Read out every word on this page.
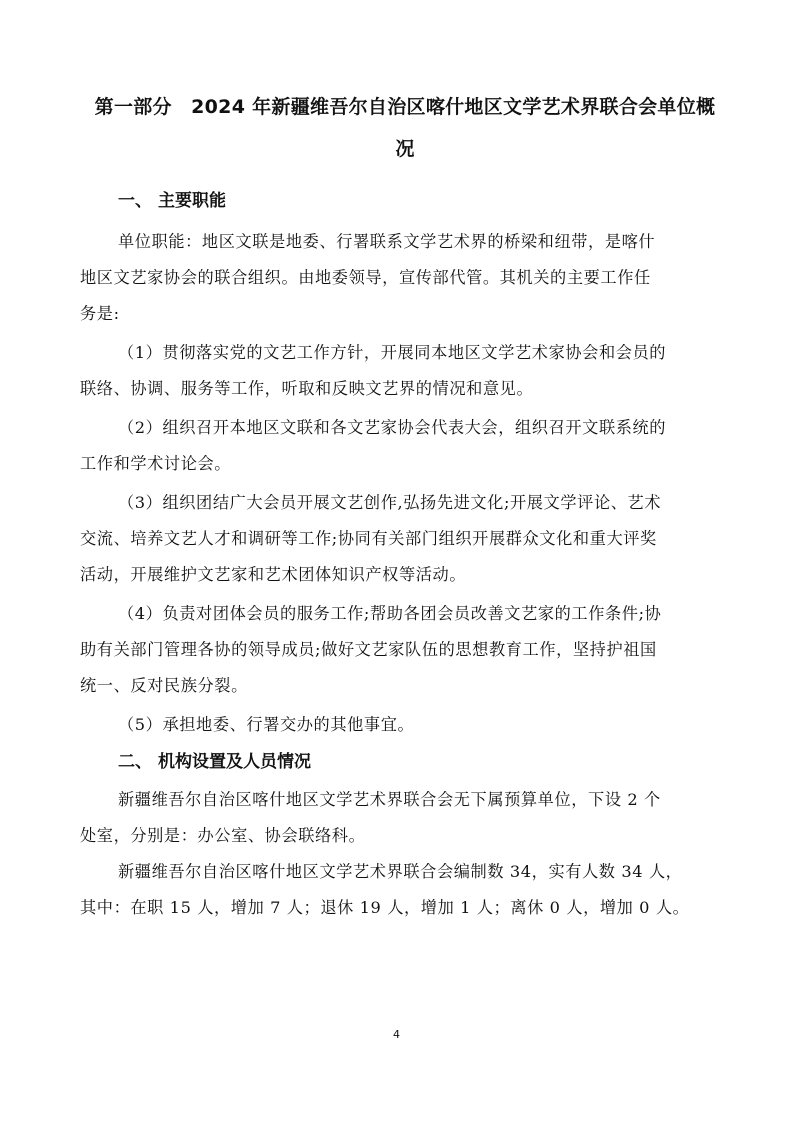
第一部分　2024 年新疆维吾尔自治区喀什地区文学艺术界联合会单位概
况
一、 主要职能
单位职能：地区文联是地委、行署联系文学艺术界的桥梁和纽带，是喀什
地区文艺家协会的联合组织。由地委领导，宣传部代管。其机关的主要工作任
务是:
（1）贯彻落实党的文艺工作方针，开展同本地区文学艺术家协会和会员的
联络、协调、服务等工作，听取和反映文艺界的情况和意见。
（2）组织召开本地区文联和各文艺家协会代表大会，组织召开文联系统的
工作和学术讨论会。
（3）组织团结广大会员开展文艺创作,弘扬先进文化;开展文学评论、艺术
交流、培养文艺人才和调研等工作;协同有关部门组织开展群众文化和重大评奖
活动，开展维护文艺家和艺术团体知识产权等活动。
（4）负责对团体会员的服务工作;帮助各团会员改善文艺家的工作条件;协
助有关部门管理各协的领导成员;做好文艺家队伍的思想教育工作，坚持护祖国
统一、反对民族分裂。
（5）承担地委、行署交办的其他事宜。
二、 机构设置及人员情况
新疆维吾尔自治区喀什地区文学艺术界联合会无下属预算单位，下设 2 个
处室，分别是：办公室、协会联络科。
新疆维吾尔自治区喀什地区文学艺术界联合会编制数 34，实有人数 34 人，
其中：在职 15 人，增加 7 人；退休 19 人，增加 1 人；离休 0 人，增加 0 人。
4
